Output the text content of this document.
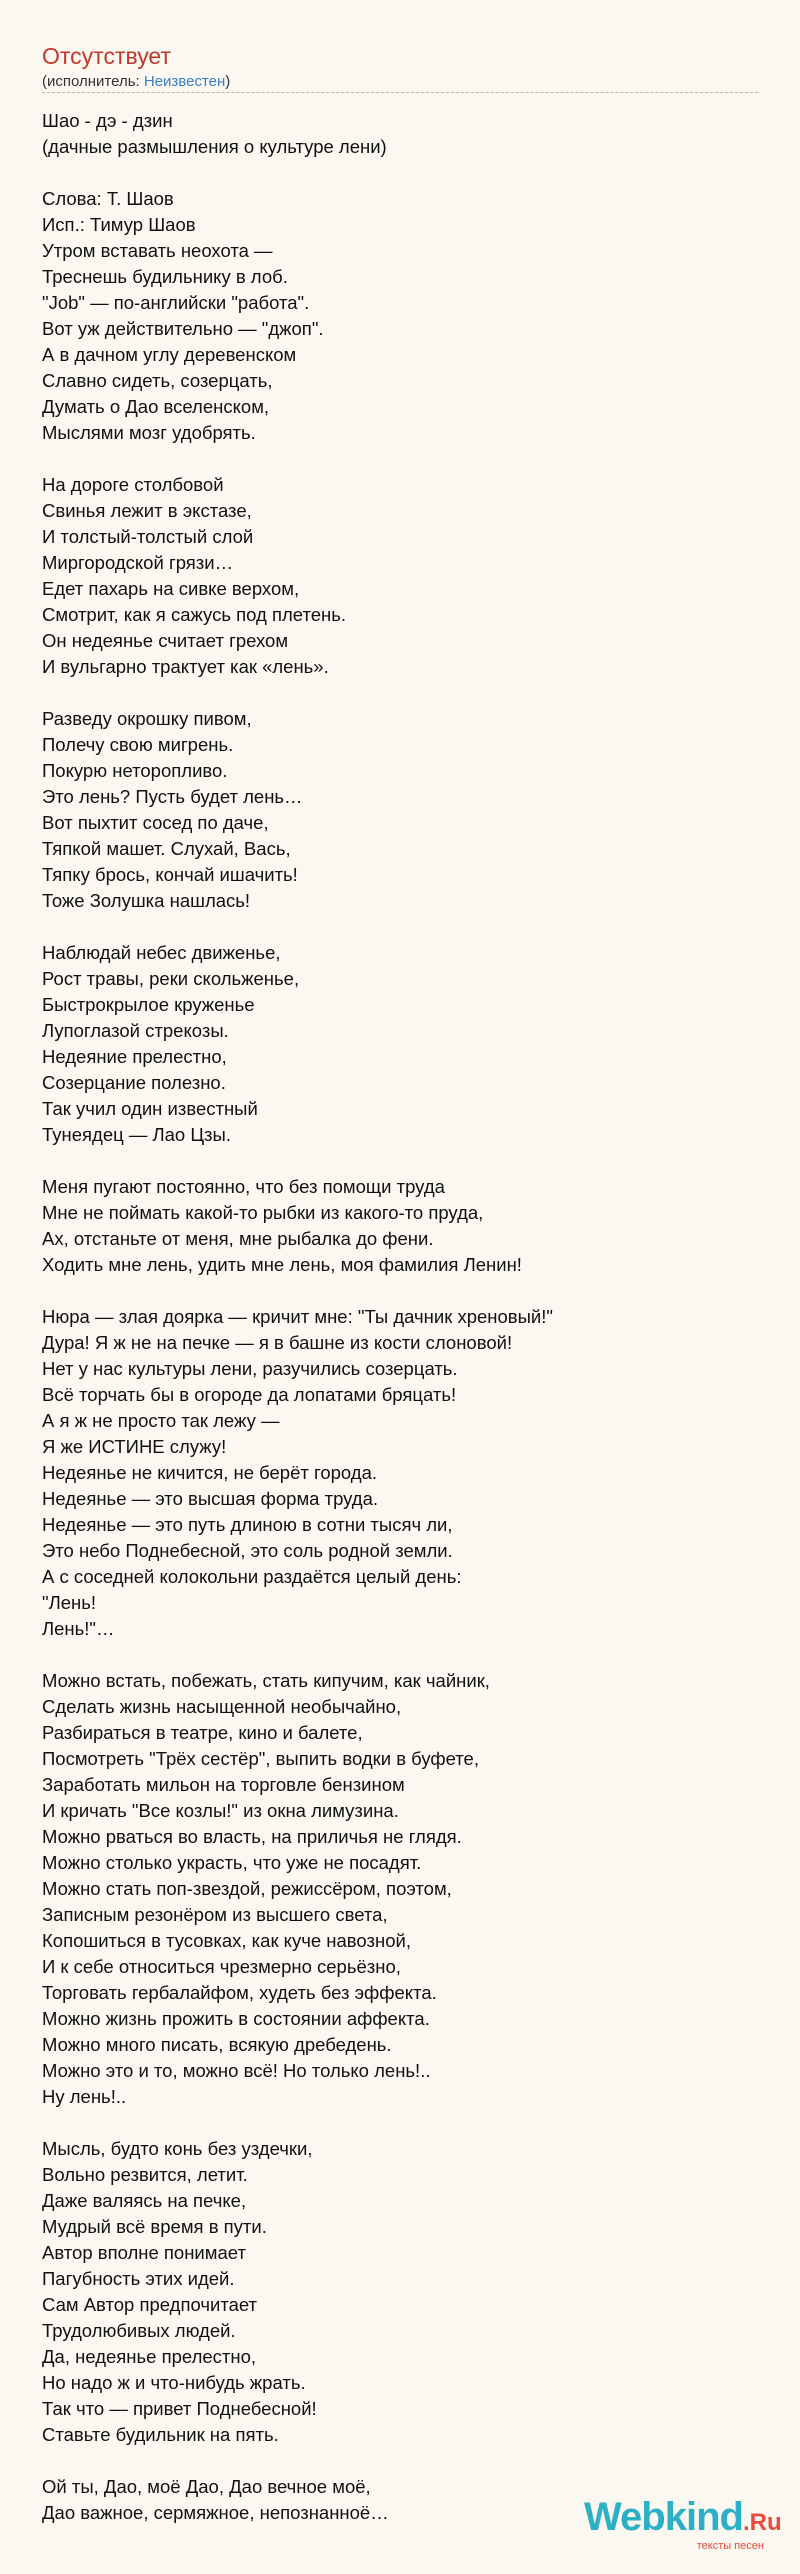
Отсутствует
(исполнитель: Неизвестен)
Шао - дэ - дзин
(дачные размышления о культуре лени)
Слова: Т. Шаов
Исп.: Тимур Шаов
Утром вставать неохота —
Треснешь будильнику в лоб.
"Job" — по-английски "работа".
Вот уж действительно — "джоп".
А в дачном углу деревенском
Славно сидеть, созерцать,
Думать о Дао вселенском,
Мыслями мозг удобрять.
На дороге столбовой
Свинья лежит в экстазе,
И толстый-толстый слой
Миргородской грязи…
Едет пахарь на сивке верхом,
Смотрит, как я сажусь под плетень.
Он недеянье считает грехом
И вульгарно трактует как «лень».
Разведу окрошку пивом,
Полечу свою мигрень.
Покурю неторопливо.
Это лень? Пусть будет лень…
Вот пыхтит сосед по даче,
Тяпкой машет. Слухай, Вась,
Тяпку брось, кончай ишачить!
Тоже Золушка нашлась!
Наблюдай небес движенье,
Рост травы, реки скольженье,
Быстрокрылое круженье
Лупоглазой стрекозы.
Недеяние прелестно,
Созерцание полезно.
Так учил один известный
Тунеядец — Лао Цзы.
Меня пугают постоянно, что без помощи труда
Мне не поймать какой-то рыбки из какого-то пруда,
Ах, отстаньте от меня, мне рыбалка до фени.
Ходить мне лень, удить мне лень, моя фамилия Ленин!
Нюра — злая доярка — кричит мне: "Ты дачник хреновый!"
Дура! Я ж не на печке — я в башне из кости слоновой!
Нет у нас культуры лени, разучились созерцать.
Всё торчать бы в огороде да лопатами бряцать!
А я ж не просто так лежу —
Я же ИСТИНЕ служу!
Недеянье не кичится, не берёт города.
Недеянье — это высшая форма труда.
Недеянье — это путь длиною в сотни тысяч ли,
Это небо Поднебесной, это соль родной земли.
А с соседней колокольни раздаётся целый день:
"Лень!
Лень!"…
Можно встать, побежать, стать кипучим, как чайник,
Сделать жизнь насыщенной необычайно,
Разбираться в театре, кино и балете,
Посмотреть "Трёх сестёр", выпить водки в буфете,
Заработать мильон на торговле бензином
И кричать "Все козлы!" из окна лимузина.
Можно рваться во власть, на приличья не глядя.
Можно столько украсть, что уже не посадят.
Можно стать поп-звездой, режиссёром, поэтом,
Записным резонёром из высшего света,
Копошиться в тусовках, как куче навозной,
И к себе относиться чрезмерно серьёзно,
Торговать гербалайфом, худеть без эффекта.
Можно жизнь прожить в состоянии аффекта.
Можно много писать, всякую дребедень.
Можно это и то, можно всё! Но только лень!..
Ну лень!..
Мысль, будто конь без уздечки,
Вольно резвится, летит.
Даже валяясь на печке,
Мудрый всё время в пути.
Автор вполне понимает
Пагубность этих идей.
Сам Автор предпочитает
Трудолюбивых людей.
Да, недеянье прелестно,
Но надо ж и что-нибудь жрать.
Так что — привет Поднебесной!
Ставьте будильник на пять.
Ой ты, Дао, моё Дао, Дао вечное моё,
Дао важное, сермяжное, непознанноё…	Webkind.Ru
тексты песен
